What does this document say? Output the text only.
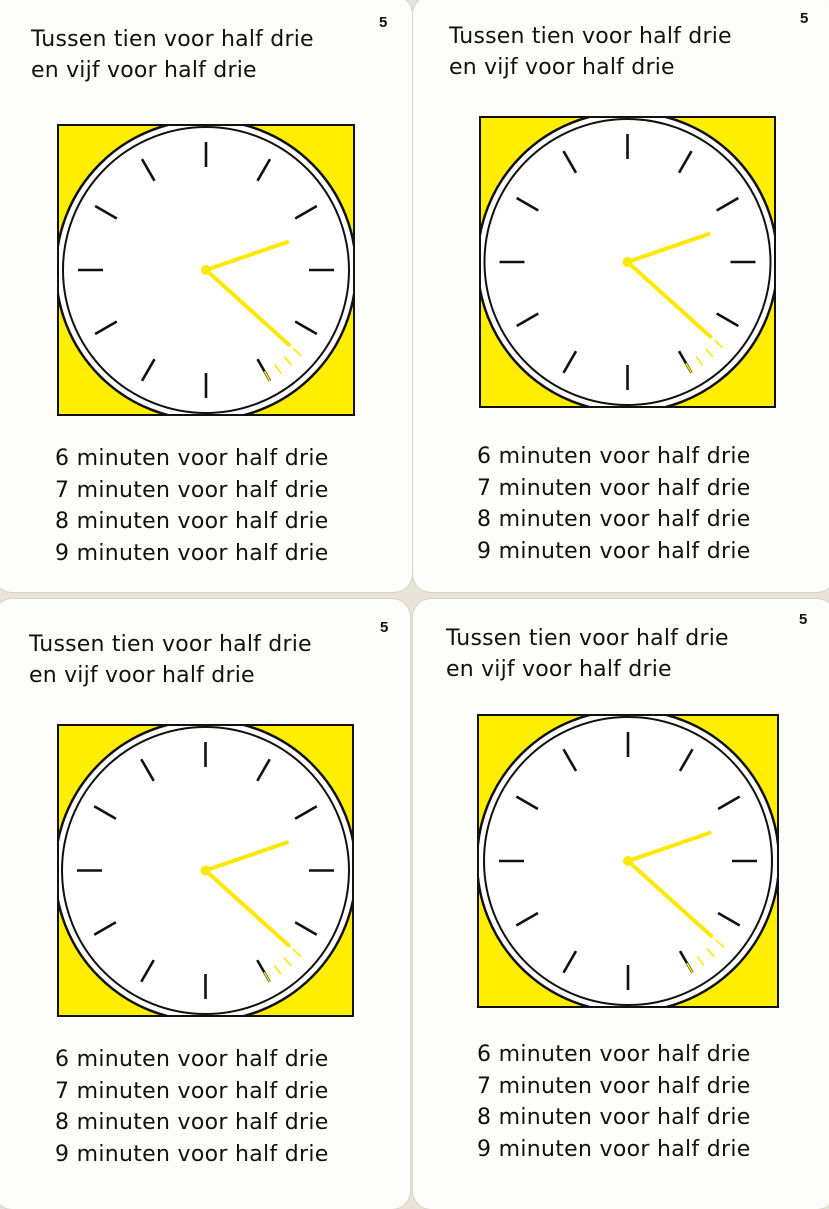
5
Tussen tien voor half drie
en vijf voor half drie
6 minuten voor half drie
7 minuten voor half drie
8 minuten voor half drie
9 minuten voor half drie
5
Tussen tien voor half drie
en vijf voor half drie
6 minuten voor half drie
7 minuten voor half drie
8 minuten voor half drie
9 minuten voor half drie
5
Tussen tien voor half drie
en vijf voor half drie
6 minuten voor half drie
7 minuten voor half drie
8 minuten voor half drie
9 minuten voor half drie
5
Tussen tien voor half drie
en vijf voor half drie
6 minuten voor half drie
7 minuten voor half drie
8 minuten voor half drie
9 minuten voor half drie
